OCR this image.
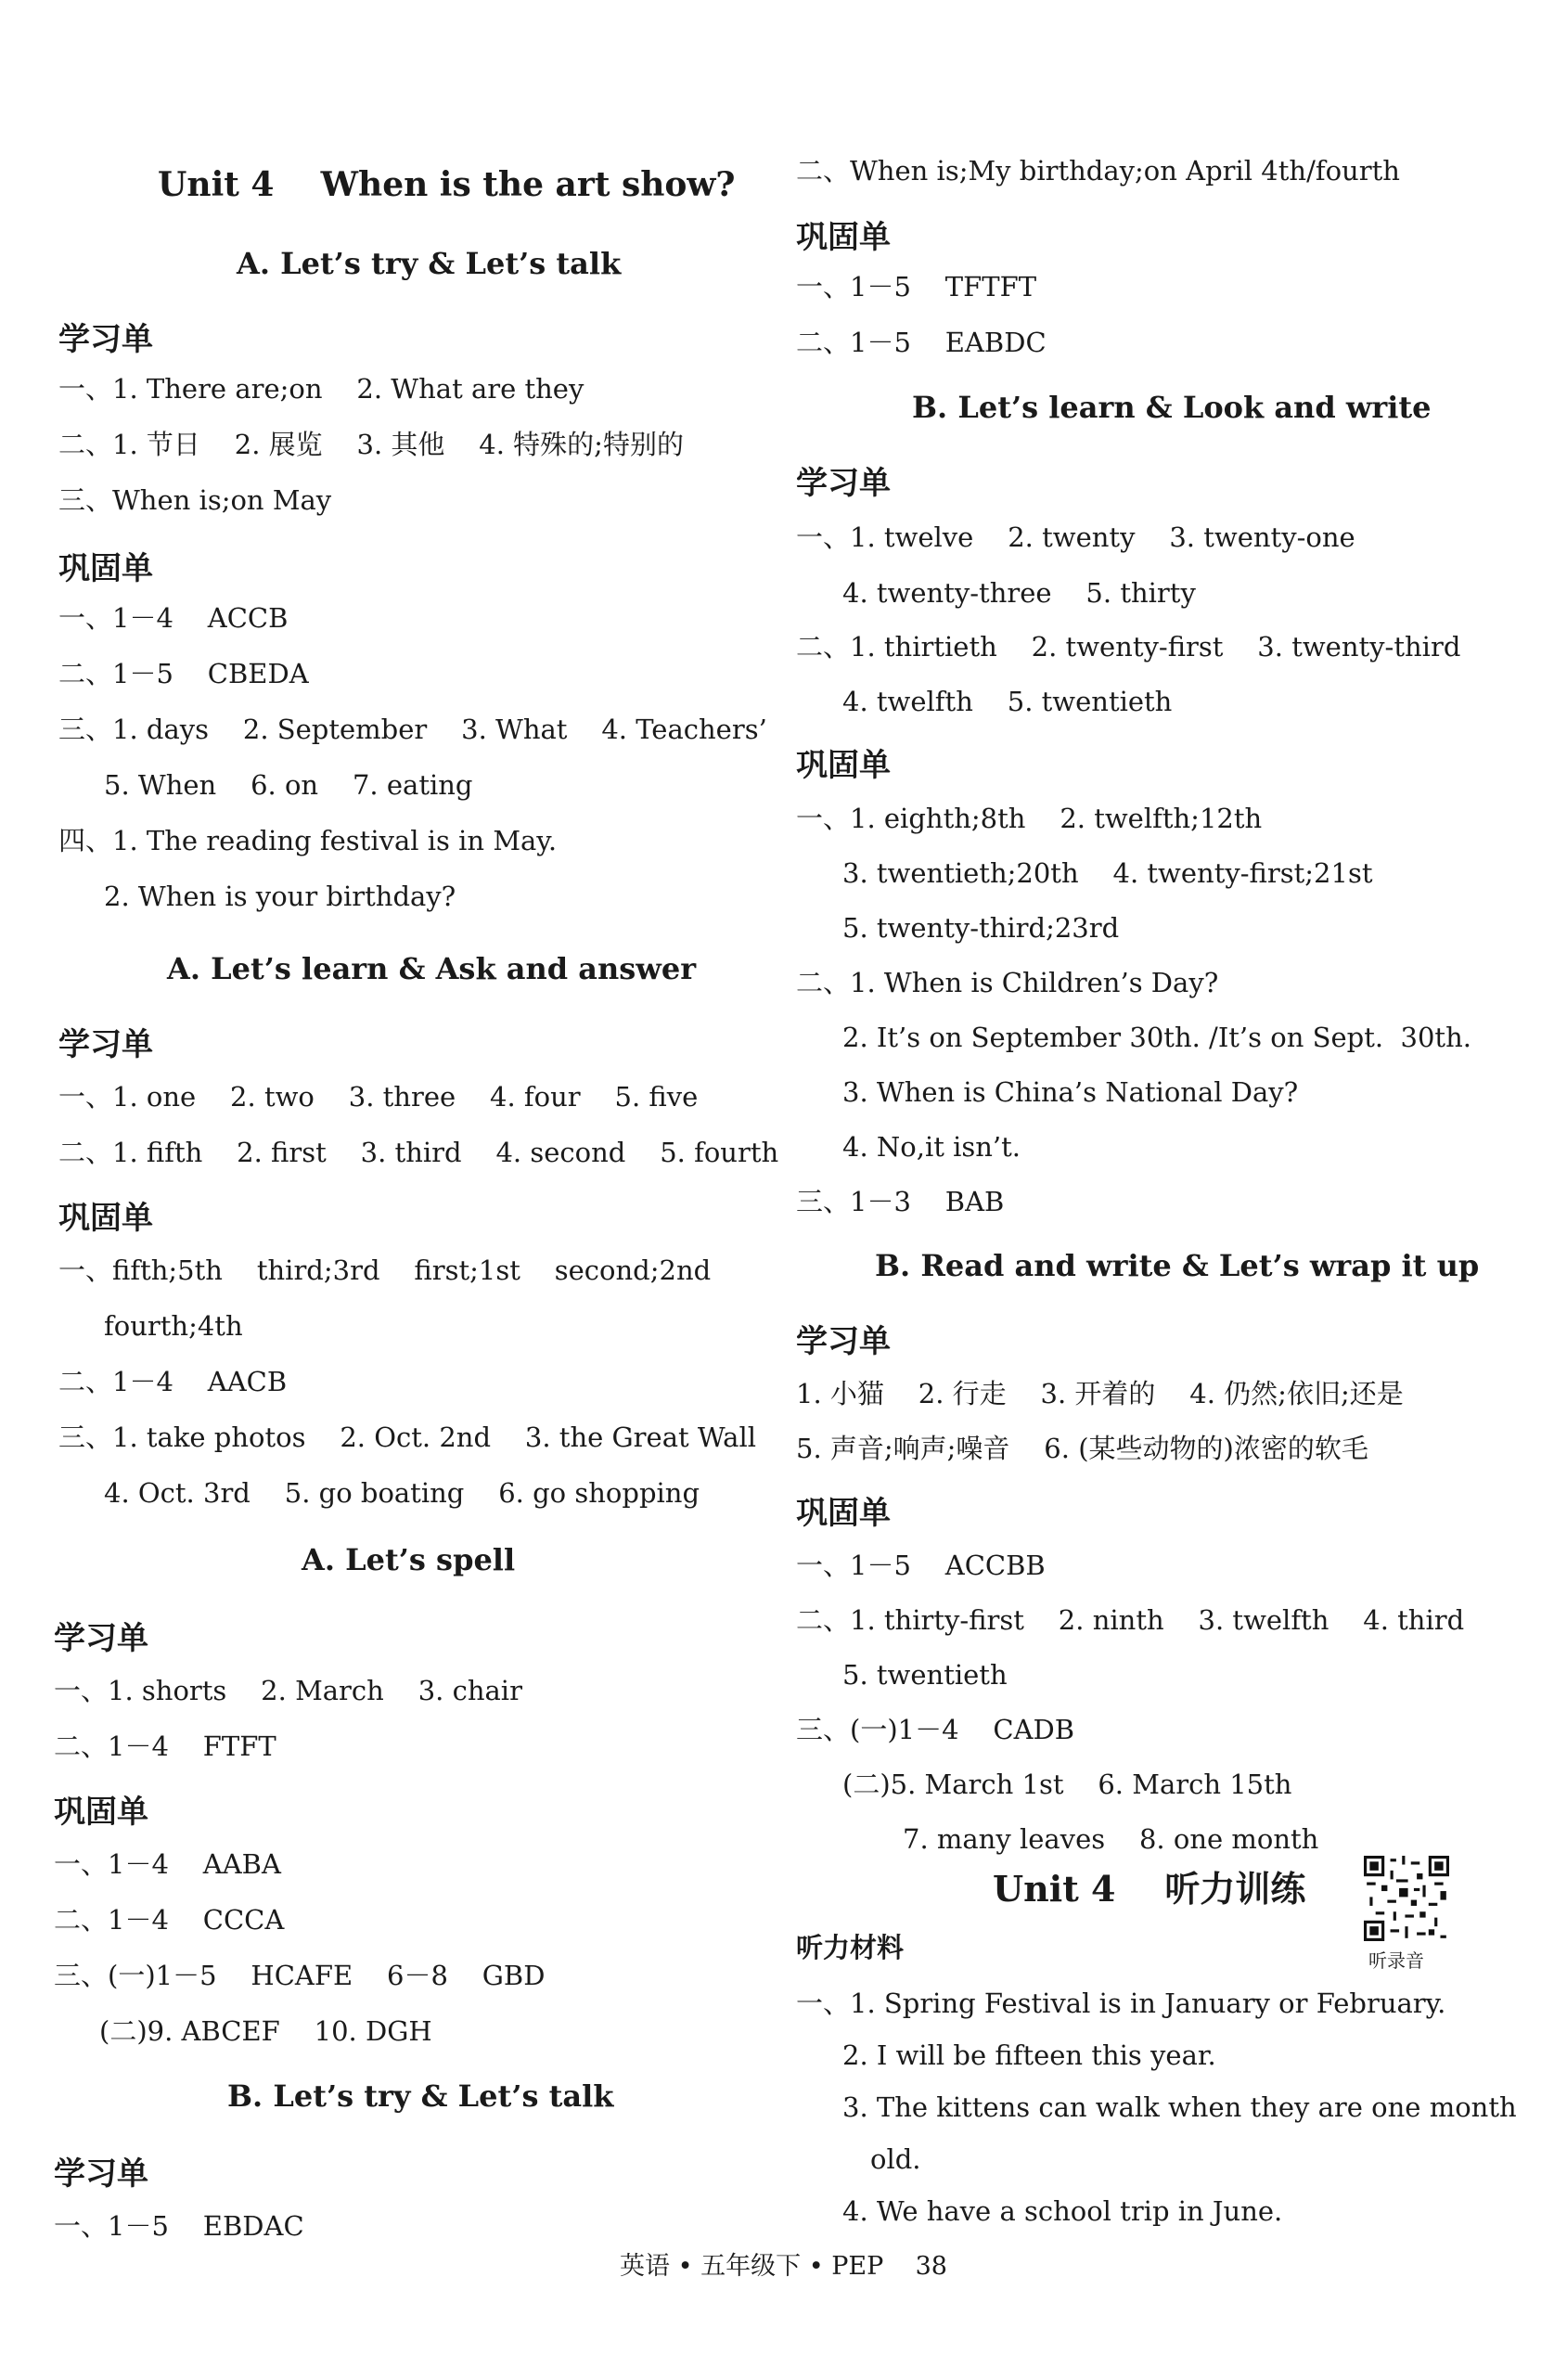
Unit 4    When is the art show?
A. Let’s try & Let’s talk
学习单
一、1. There are;on    2. What are they
二、1. 节日    2. 展览    3. 其他    4. 特殊的;特别的
三、When is;on May
巩固单
一、1－4    ACCB
二、1－5    CBEDA
三、1. days    2. September    3. What    4. Teachers’
5. When    6. on    7. eating
四、1. The reading festival is in May.
2. When is your birthday?
A. Let’s learn & Ask and answer
学习单
一、1. one    2. two    3. three    4. four    5. five
二、1. fifth    2. first    3. third    4. second    5. fourth
巩固单
一、fifth;5th    third;3rd    first;1st    second;2nd
fourth;4th
二、1－4    AACB
三、1. take photos    2. Oct. 2nd    3. the Great Wall
4. Oct. 3rd    5. go boating    6. go shopping
A. Let’s spell
学习单
一、1. shorts    2. March    3. chair
二、1－4    FTFT
巩固单
一、1－4    AABA
二、1－4    CCCA
三、(一)1－5    HCAFE    6－8    GBD
(二)9. ABCEF    10. DGH
B. Let’s try & Let’s talk
学习单
一、1－5    EBDAC
二、When is;My birthday;on April 4th/fourth
巩固单
一、1－5    TFTFT
二、1－5    EABDC
B. Let’s learn & Look and write
学习单
一、1. twelve    2. twenty    3. twenty-one
4. twenty-three    5. thirty
二、1. thirtieth    2. twenty-first    3. twenty-third
4. twelfth    5. twentieth
巩固单
一、1. eighth;8th    2. twelfth;12th
3. twentieth;20th    4. twenty-first;21st
5. twenty-third;23rd
二、1. When is Children’s Day?
2. It’s on September 30th. /It’s on Sept.  30th.
3. When is China’s National Day?
4. No,it isn’t.
三、1－3    BAB
B. Read and write & Let’s wrap it up
学习单
1. 小猫    2. 行走    3. 开着的    4. 仍然;依旧;还是
5. 声音;响声;噪音    6. (某些动物的)浓密的软毛
巩固单
一、1－5    ACCBB
二、1. thirty-first    2. ninth    3. twelfth    4. third
5. twentieth
三、(一)1－4    CADB
(二)5. March 1st    6. March 15th
7. many leaves    8. one month
一、1. Spring Festival is in January or February.
2. I will be fifteen this year.
3. The kittens can walk when they are one month
old.
4. We have a school trip in June.
Unit 4    听力训练
听力材料	听录音
英语 • 五年级下 • PEP    38
